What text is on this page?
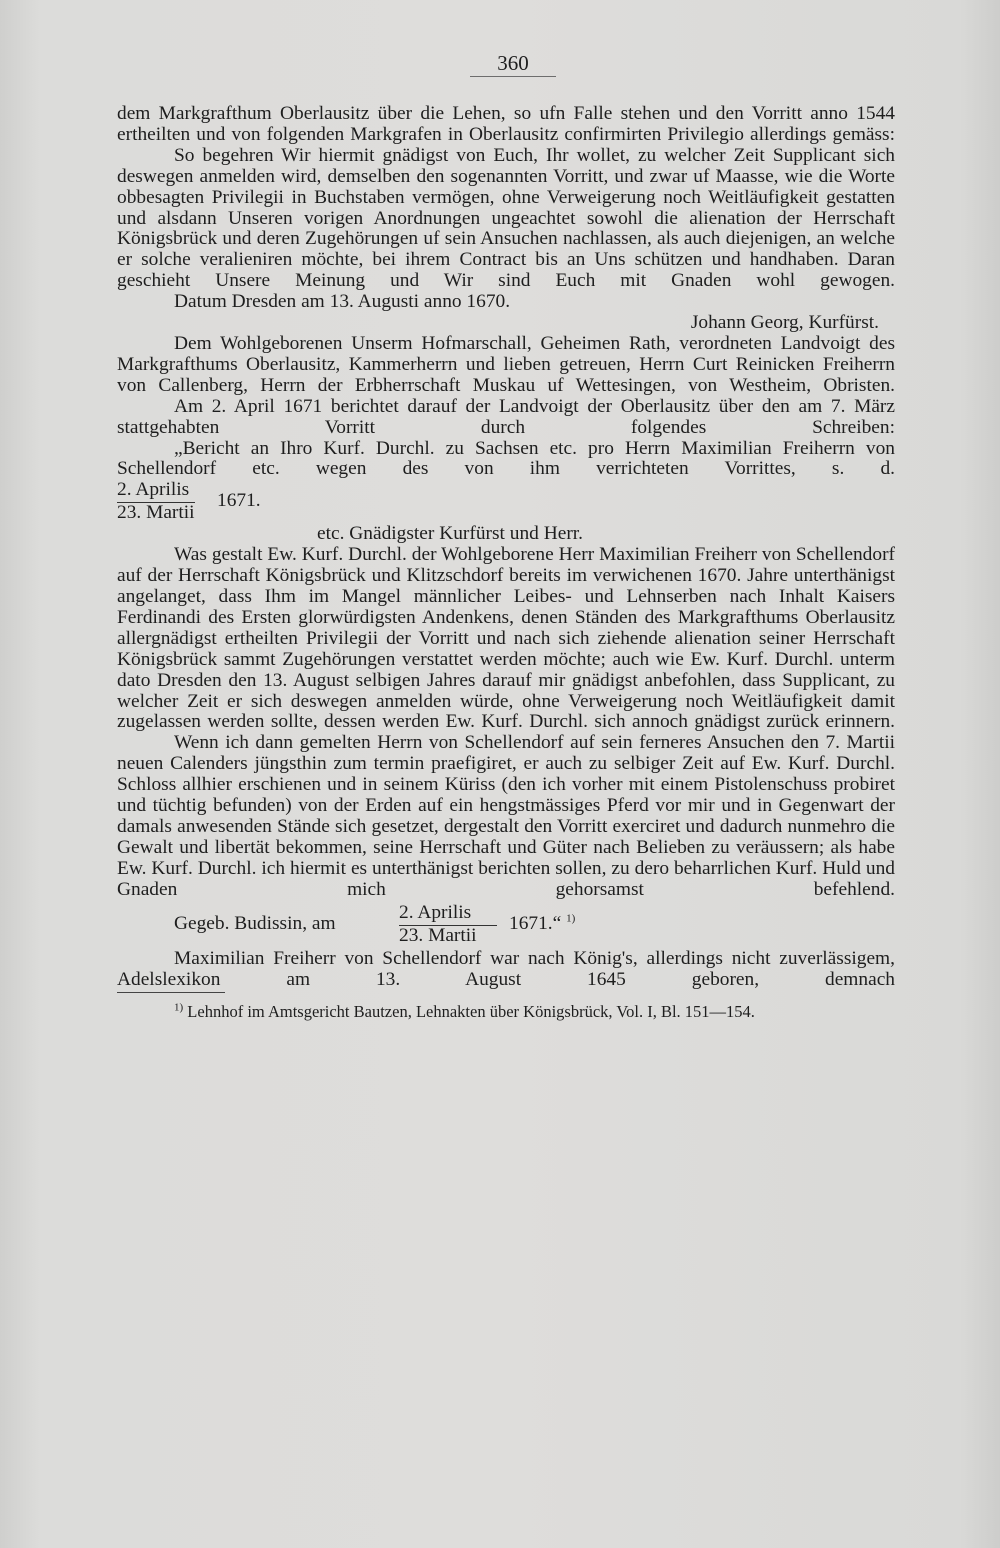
360

dem Markgrafthum Oberlausitz über die Lehen, so ufn Falle stehen und den Vorritt anno 1544 ertheilten und von folgenden Markgrafen in Oberlausitz confirmirten Privilegio allerdings gemäss:

So begehren Wir hiermit gnädigst von Euch, Ihr wollet, zu welcher Zeit Supplicant sich deswegen anmelden wird, demselben den sogenannten Vorritt, und zwar uf Maasse, wie die Worte obbesagten Privilegii in Buchstaben vermögen, ohne Verweigerung noch Weitläufigkeit gestatten und alsdann Unseren vorigen Anordnungen ungeachtet sowohl die alienation der Herrschaft Königsbrück und deren Zugehörungen uf sein Ansuchen nachlassen, als auch diejenigen, an welche er solche veralieniren möchte, bei ihrem Contract bis an Uns schützen und handhaben. Daran geschieht Unsere Meinung und Wir sind Euch mit Gnaden wohl gewogen.

Datum Dresden am 13. Augusti anno 1670.

Johann Georg, Kurfürst.

Dem Wohlgeborenen Unserm Hofmarschall, Geheimen Rath, verordneten Landvoigt des Markgrafthums Oberlausitz, Kammerherrn und lieben getreuen, Herrn Curt Reinicken Freiherrn von Callenberg, Herrn der Erbherrschaft Muskau uf Wettesingen, von Westheim, Obristen.

Am 2. April 1671 berichtet darauf der Landvoigt der Oberlausitz über den am 7. März stattgehabten Vorritt durch folgendes Schreiben:

„Bericht an Ihro Kurf. Durchl. zu Sachsen etc. pro Herrn Maximilian Freiherrn von Schellendorf etc. wegen des von ihm verrichteten Vorrittes, s. d.

2. Aprilis
23. Martii
1671.

etc. Gnädigster Kurfürst und Herr.

Was gestalt Ew. Kurf. Durchl. der Wohlgeborene Herr Maximilian Freiherr von Schellendorf auf der Herrschaft Königsbrück und Klitzschdorf bereits im verwichenen 1670. Jahre unterthänigst angelanget, dass Ihm im Mangel männlicher Leibes- und Lehnserben nach Inhalt Kaisers Ferdinandi des Ersten glorwürdigsten Andenkens, denen Ständen des Markgrafthums Oberlausitz allergnädigst ertheilten Privilegii der Vorritt und nach sich ziehende alienation seiner Herrschaft Königsbrück sammt Zugehörungen verstattet werden möchte; auch wie Ew. Kurf. Durchl. unterm dato Dresden den 13. August selbigen Jahres darauf mir gnädigst anbefohlen, dass Supplicant, zu welcher Zeit er sich deswegen anmelden würde, ohne Verweigerung noch Weitläufigkeit damit zugelassen werden sollte, dessen werden Ew. Kurf. Durchl. sich annoch gnädigst zurück erinnern.

Wenn ich dann gemelten Herrn von Schellendorf auf sein ferneres Ansuchen den 7. Martii neuen Calenders jüngsthin zum termin praefigiret, er auch zu selbiger Zeit auf Ew. Kurf. Durchl. Schloss allhier erschienen und in seinem Küriss (den ich vorher mit einem Pistolenschuss probiret und tüchtig befunden) von der Erden auf ein hengstmässiges Pferd vor mir und in Gegenwart der damals anwesenden Stände sich gesetzet, dergestalt den Vorritt exerciret und dadurch nunmehro die Gewalt und libertät bekommen, seine Herrschaft und Güter nach Belieben zu veräussern; als habe Ew. Kurf. Durchl. ich hiermit es unterthänigst berichten sollen, zu dero beharrlichen Kurf. Huld und Gnaden mich gehorsamst befehlend.

Gegeb. Budissin, am
2. Aprilis
23. Martii
1671.“ $^{1)}$

Maximilian Freiherr von Schellendorf war nach König's, allerdings nicht zuverlässigem, Adelslexikon am 13. August 1645 geboren, demnach

$^{1)}$ Lehnhof im Amtsgericht Bautzen, Lehnakten über Königsbrück, Vol. I, Bl. 151—154.
